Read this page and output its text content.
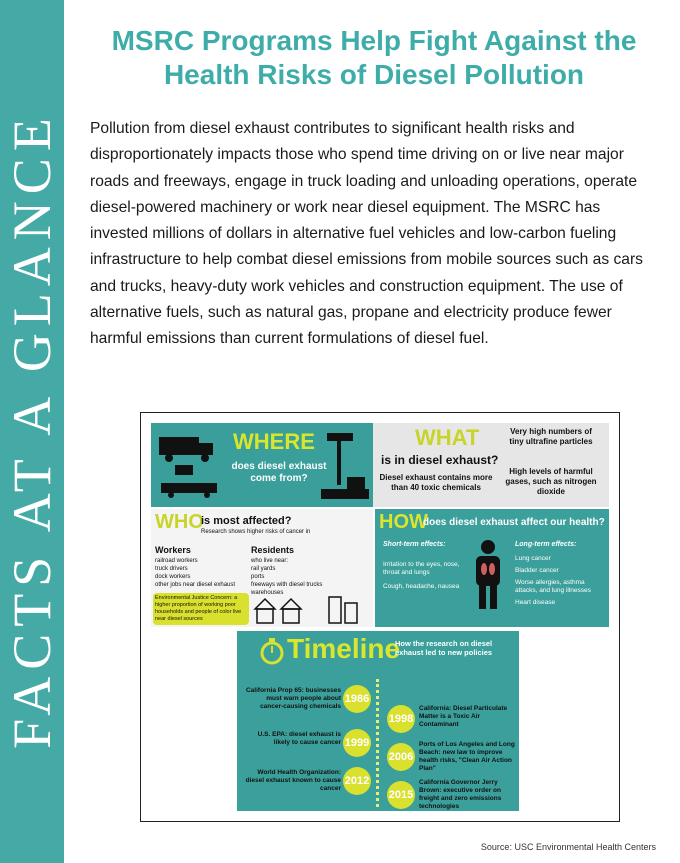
FACTS AT A GLANCE
MSRC Programs Help Fight Against the Health Risks of Diesel Pollution

Pollution from diesel exhaust contributes to significant health risks and disproportionately impacts those who spend time driving on or live near major roads and freeways, engage in truck loading and unloading operations, operate diesel-powered machinery or work near diesel equipment. The MSRC has invested millions of dollars in alternative fuel vehicles and low-carbon fueling infrastructure to help combat diesel emissions from mobile sources such as cars and trucks, heavy-duty work vehicles and construction equipment. The use of alternative fuels, such as natural gas, propane and electricity produce fewer harmful emissions than current formulations of diesel fuel.

WHERE
does diesel exhaust come from?
WHAT
is in diesel exhaust?
Diesel exhaust contains more than 40 toxic chemicals
Very high numbers of tiny ultrafine particles
High levels of harmful gases, such as nitrogen dioxide
WHO
is most affected?
Research shows higher risks of cancer in
Workers
railroad workers
truck drivers
dock workers
other jobs near diesel exhaust
Residents
who live near:
rail yards
ports
freeways with diesel trucks
warehouses
Environmental Justice Concern: a higher proportion of working poor households and people of color live near diesel sources
HOW
does diesel exhaust affect our health?
Short-term effects:
Irritation to the eyes, nose, throat and lungs
Cough, headache, nausea
Long-term effects:
Lung cancer
Bladder cancer
Worse allergies, asthma attacks, and lung illnesses
Heart disease
Timeline
How the research on diesel exhaust led to new policies
California Prop 65: businesses must warn people about cancer-causing chemicals
1986
1998
California: Diesel Particulate Matter is a Toxic Air Contaminant
U.S. EPA: diesel exhaust is likely to cause cancer 1999
2006
Ports of Los Angeles and Long Beach: new law to improve health risks, "Clean Air Action Plan"
World Health Organization: diesel exhaust known to cause cancer
2012
2015
California Governor Jerry Brown: executive order on freight and zero emissions technologies
Source: USC Environmental Health Centers
